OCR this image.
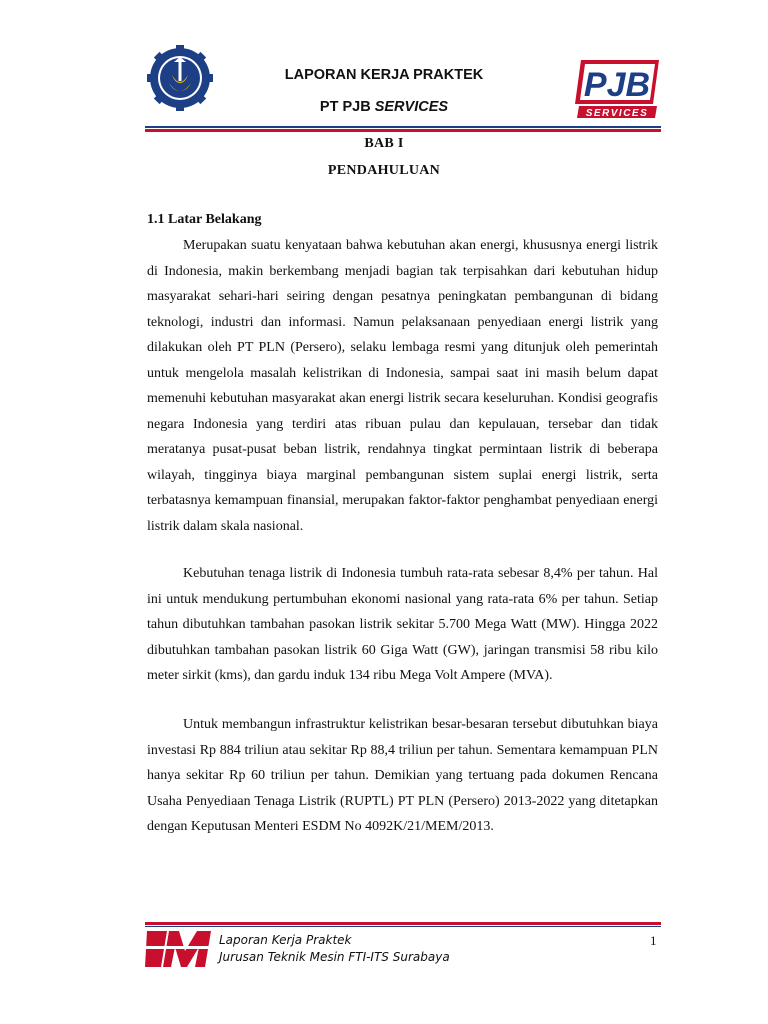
LAPORAN KERJA PRAKTEK
PT PJB SERVICES
PJB
SERVICES
BAB I
PENDAHULUAN
1.1 Latar Belakang

Merupakan suatu kenyataan bahwa kebutuhan akan energi, khususnya energi listrik di Indonesia, makin berkembang menjadi bagian tak terpisahkan dari kebutuhan hidup masyarakat sehari-hari seiring dengan pesatnya peningkatan pembangunan di bidang teknologi, industri dan informasi. Namun pelaksanaan penyediaan energi listrik yang dilakukan oleh PT PLN (Persero), selaku lembaga resmi yang ditunjuk oleh pemerintah untuk mengelola masalah kelistrikan di Indonesia, sampai saat ini masih belum dapat memenuhi kebutuhan masyarakat akan energi listrik secara keseluruhan. Kondisi geografis negara Indonesia yang terdiri atas ribuan pulau dan kepulauan, tersebar dan tidak meratanya pusat-pusat beban listrik, rendahnya tingkat permintaan listrik di beberapa wilayah, tingginya biaya marginal pembangunan sistem suplai energi listrik, serta terbatasnya kemampuan finansial, merupakan faktor-faktor penghambat penyediaan energi listrik dalam skala nasional.

Kebutuhan tenaga listrik di Indonesia tumbuh rata-rata sebesar 8,4% per tahun. Hal ini untuk mendukung pertumbuhan ekonomi nasional yang rata-rata 6% per tahun. Setiap tahun dibutuhkan tambahan pasokan listrik sekitar 5.700 Mega Watt (MW). Hingga 2022 dibutuhkan tambahan pasokan listrik 60 Giga Watt (GW), jaringan transmisi 58 ribu kilo meter sirkit (kms), dan gardu induk 134 ribu Mega Volt Ampere (MVA).

Untuk membangun infrastruktur kelistrikan besar-besaran tersebut dibutuhkan biaya investasi Rp 884 triliun atau sekitar Rp 88,4 triliun per tahun. Sementara kemampuan PLN hanya sekitar Rp 60 triliun per tahun. Demikian yang tertuang pada dokumen Rencana Usaha Penyediaan Tenaga Listrik (RUPTL) PT PLN (Persero) 2013-2022 yang ditetapkan dengan Keputusan Menteri ESDM No 4092K/21/MEM/2013.

Laporan Kerja Praktek
Jurusan Teknik Mesin FTI-ITS Surabaya
1
